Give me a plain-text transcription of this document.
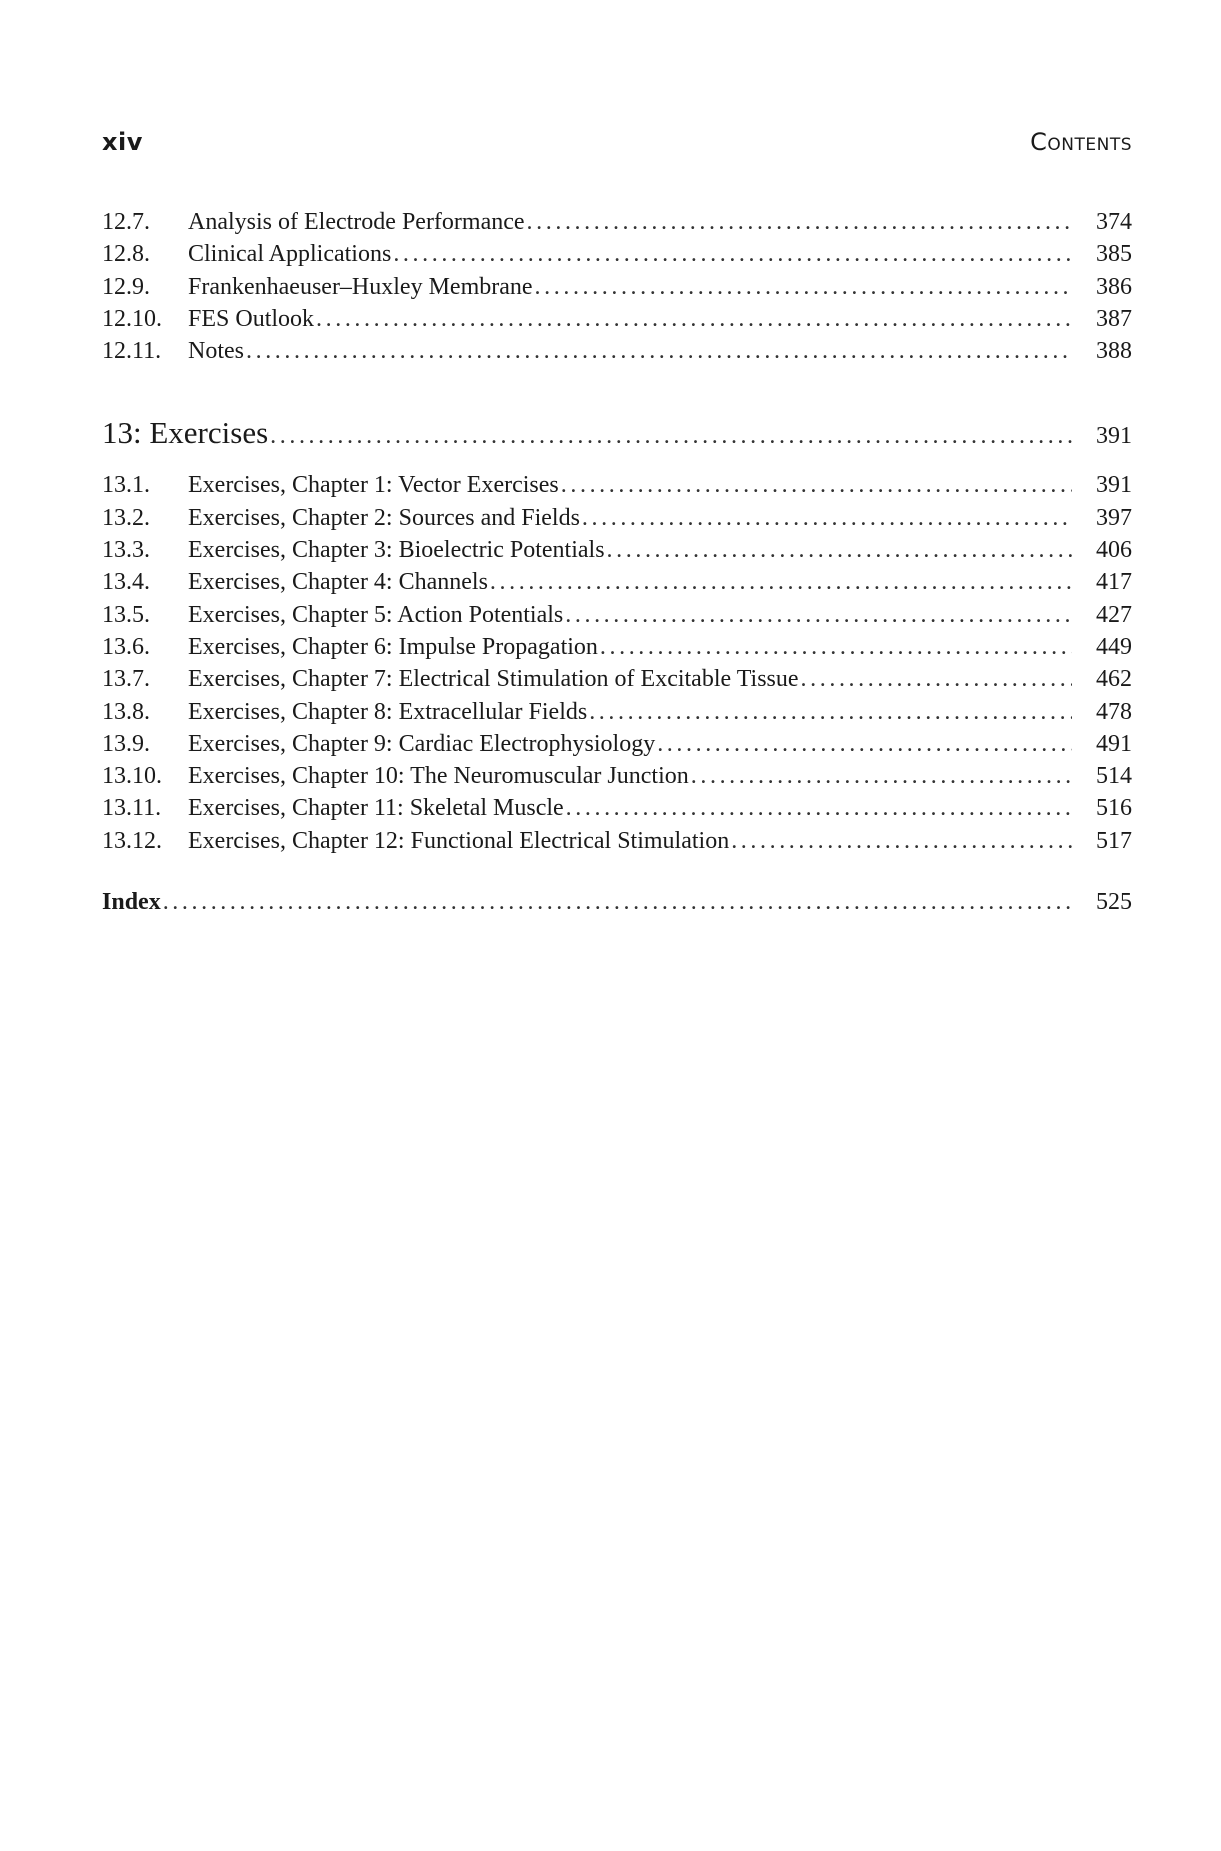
xiv	Contents
12.7.	Analysis of Electrode Performance . . .	374
12.8.	Clinical Applications . . .	385
12.9.	Frankenhaeuser–Huxley Membrane . . .	386
12.10.	FES Outlook . . .	387
12.11.	Notes . . .	388
13: Exercises . . .	391
13.1.	Exercises, Chapter 1: Vector Exercises . . .	391
13.2.	Exercises, Chapter 2: Sources and Fields . . .	397
13.3.	Exercises, Chapter 3: Bioelectric Potentials . . .	406
13.4.	Exercises, Chapter 4: Channels . . .	417
13.5.	Exercises, Chapter 5: Action Potentials . . .	427
13.6.	Exercises, Chapter 6: Impulse Propagation . . .	449
13.7.	Exercises, Chapter 7: Electrical Stimulation of Excitable Tissue . . .	462
13.8.	Exercises, Chapter 8: Extracellular Fields . . .	478
13.9.	Exercises, Chapter 9: Cardiac Electrophysiology . . .	491
13.10.	Exercises, Chapter 10: The Neuromuscular Junction . . .	514
13.11.	Exercises, Chapter 11: Skeletal Muscle . . .	516
13.12.	Exercises, Chapter 12: Functional Electrical Stimulation . . .	517
Index . . .	525
